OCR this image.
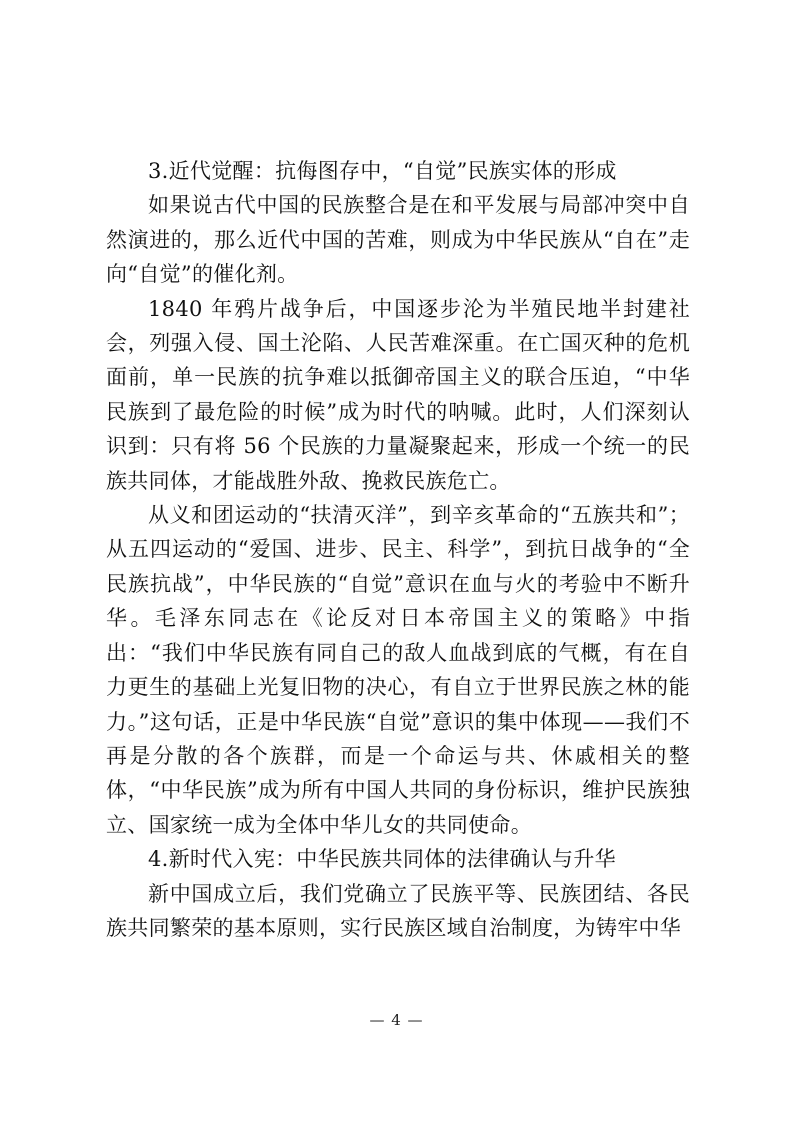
3.近代觉醒：抗侮图存中，“自觉”民族实体的形成

如果说古代中国的民族整合是在和平发展与局部冲突中自然演进的，那么近代中国的苦难，则成为中华民族从“自在”走向“自觉”的催化剂。

1840 年鸦片战争后，中国逐步沦为半殖民地半封建社会，列强入侵、国土沦陷、人民苦难深重。在亡国灭种的危机面前，单一民族的抗争难以抵御帝国主义的联合压迫，“中华民族到了最危险的时候”成为时代的呐喊。此时，人们深刻认识到：只有将 56 个民族的力量凝聚起来，形成一个统一的民族共同体，才能战胜外敌、挽救民族危亡。

从义和团运动的“扶清灭洋”，到辛亥革命的“五族共和”；从五四运动的“爱国、进步、民主、科学”，到抗日战争的“全民族抗战”，中华民族的“自觉”意识在血与火的考验中不断升华。毛泽东同志在《论反对日本帝国主义的策略》中指出：“我们中华民族有同自己的敌人血战到底的气概，有在自力更生的基础上光复旧物的决心，有自立于世界民族之林的能力。”这句话，正是中华民族“自觉”意识的集中体现——我们不再是分散的各个族群，而是一个命运与共、休戚相关的整体，“中华民族”成为所有中国人共同的身份标识，维护民族独立、国家统一成为全体中华儿女的共同使命。

4.新时代入宪：中华民族共同体的法律确认与升华

新中国成立后，我们党确立了民族平等、民族团结、各民族共同繁荣的基本原则，实行民族区域自治制度，为铸牢中华

— 4 —
